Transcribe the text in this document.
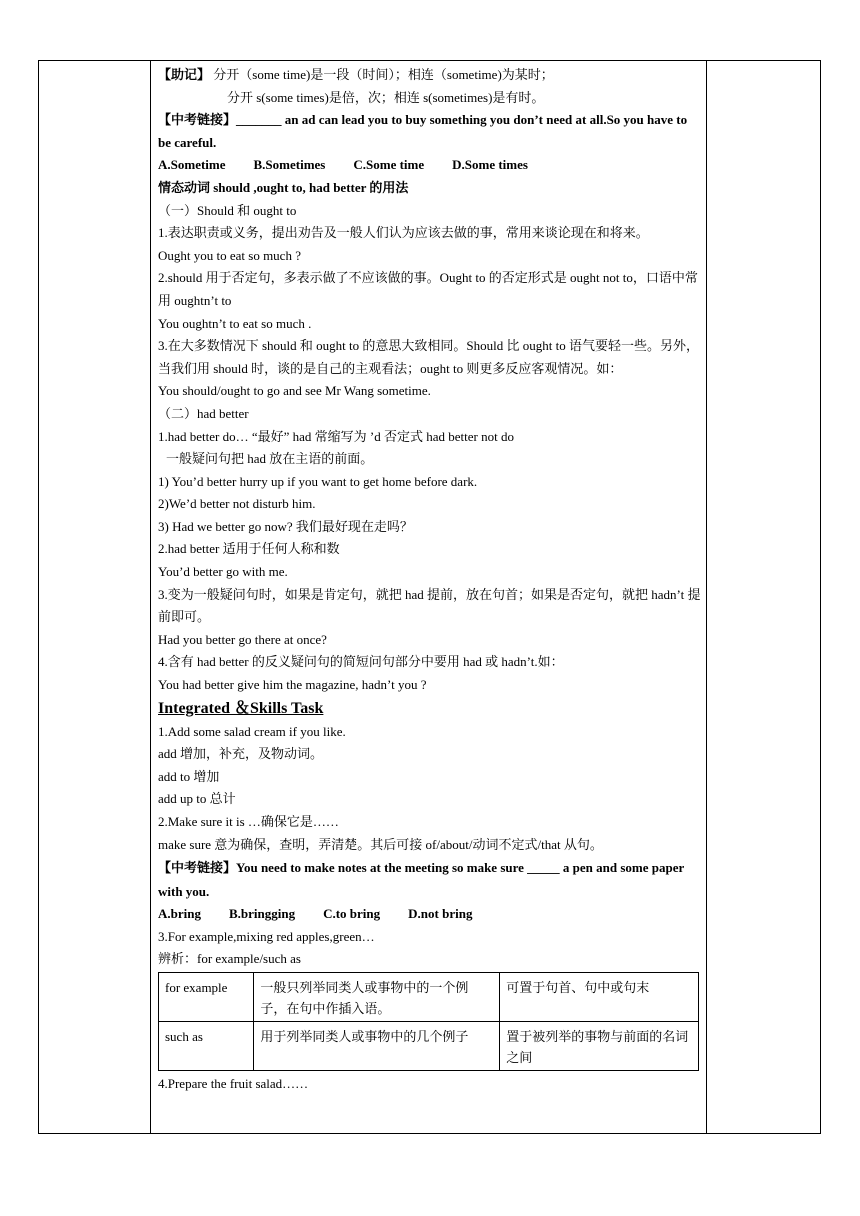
【助记】 分开（some time)是一段（时间）；相连（sometime)为某时；

分开 s(some times)是倍，次；相连 s(sometimes)是有时。

【中考链接】_______ an ad can lead you to buy something you don’t need at all.So you have to be careful.

A.Sometime B.Sometimes C.Some time D.Some times

情态动词 should ,ought to, had better 的用法

（一）Should 和 ought to

1.表达职责或义务，提出劝告及一般人们认为应该去做的事，常用来谈论现在和将来。

Ought you to eat so much ?

2.should 用于否定句，多表示做了不应该做的事。Ought to 的否定形式是 ought not to，口语中常用 oughtn’t to

You oughtn’t to eat so much .

3.在大多数情况下 should 和 ought to 的意思大致相同。Should 比 ought to 语气要轻一些。另外，当我们用 should 时，谈的是自己的主观看法；ought to 则更多反应客观情况。如：

You should/ought to go and see Mr Wang sometime.

（二）had better

1.had better do… “最好” had 常缩写为 ’d 否定式 had better not do

一般疑问句把 had 放在主语的前面。

1) You’d better hurry up if you want to get home before dark.

2)We’d better not disturb him.

3) Had we better go now? 我们最好现在走吗？

2.had better 适用于任何人称和数

You’d better go with me.

3.变为一般疑问句时，如果是肯定句，就把 had 提前，放在句首；如果是否定句，就把 hadn’t 提前即可。

Had you better go there at once?

4.含有 had better 的反义疑问句的简短问句部分中要用 had 或 hadn’t.如：

You had better give him the magazine, hadn’t you ?

Integrated ＆Skills Task

1.Add some salad cream if you like.

add 增加，补充，及物动词。

add to 增加

add up to 总计

2.Make sure it is …确保它是……

make sure 意为确保，查明，弄清楚。其后可接 of/about/动词不定式/that 从句。

【中考链接】You need to make notes at the meeting so make sure _____ a pen and some paper with you.

A.bring B.bringging C.to bring D.not bring

3.For example,mixing red apples,green…

辨析：for example/such as

for example	一般只列举同类人或事物中的一个例子，在句中作插入语。	可置于句首、句中或句末
such as	用于列举同类人或事物中的几个例子	置于被列举的事物与前面的名词之间

4.Prepare the fruit salad……
